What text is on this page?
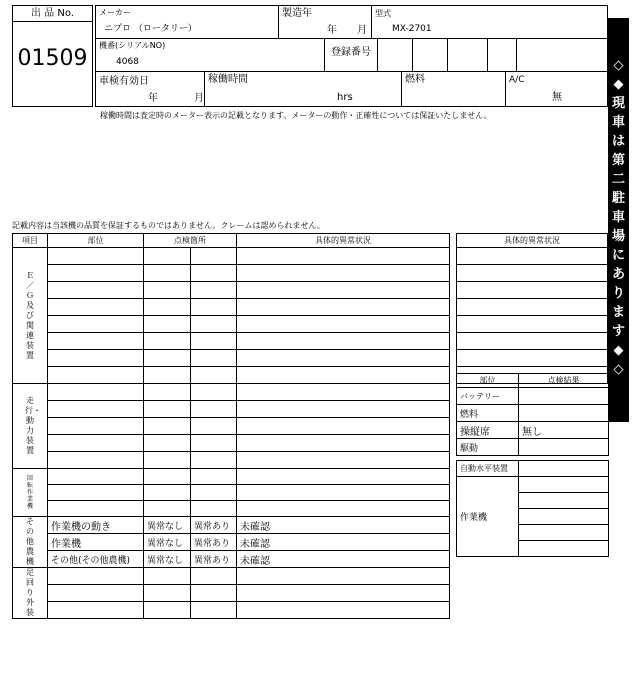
出 品 No.
01509
メーカー
ニプロ （ロータリー）
製造年
年 月
型式
MX-2701
機番(シリアルNO)
4068
登録番号
車検有効日
年	月
稼働時間
hrs
燃料	A/C
無
稼働時間は査定時のメーター表示の記載となります。メーターの動作・正確性については保証いたしません。
◇◆ 現車は第二駐車場にあります ◆◇
記載内容は当該機の品質を保証するものではありません。クレームは認められません。
項目	部位	点検箇所		具体的異常状況

Ｅ／Ｇ及び関連装置				

走行・動力装置				

回転作業機				

その他農機	作業機の動き	異常なし	異常あり	未確認
	作業機	異常なし	異常あり	未確認
	その他(その他農機)	異常なし	異常あり	未確認

足回り外装				

具体的異常状況

部位	点検結果
バッテリー	
燃料	
操縦席	無し
駆動	
自動水平装置	
作業機	
